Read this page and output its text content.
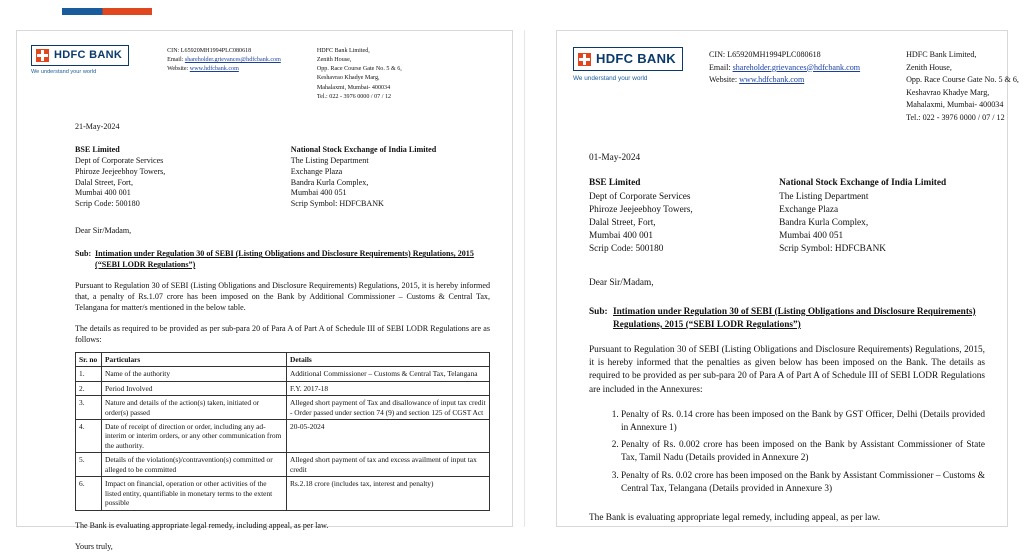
HDFC BANK
We understand your world
CIN: L65920MH1994PLC080618
Email: shareholder.grievances@hdfcbank.com
Website: www.hdfcbank.com
HDFC Bank Limited,
Zenith House,
Opp. Race Course Gate No. 5 & 6,
Keshavrao Khadye Marg,
Mahalaxmi, Mumbai- 400034
Tel.: 022 - 3976 0000 / 07 / 12
21-May-2024
BSE Limited	National Stock Exchange of India Limited

Dept of Corporate Services	The Listing Department

Phiroze Jeejeebhoy Towers,	Exchange Plaza

Dalal Street, Fort,	Bandra Kurla Complex,

Mumbai 400 001	Mumbai 400 051

Scrip Code: 500180	Scrip Symbol: HDFCBANK
Dear Sir/Madam,
Sub:	Intimation under Regulation 30 of SEBI (Listing Obligations and Disclosure Requirements) Regulations, 2015
(“SEBI LODR Regulations”)

Pursuant to Regulation 30 of SEBI (Listing Obligations and Disclosure Requirements) Regulations, 2015, it is hereby informed that, a penalty of Rs.1.07 crore has been imposed on the Bank by Additional Commissioner – Customs & Central Tax, Telangana for matter/s mentioned in the below table.

The details as required to be provided as per sub-para 20 of Para A of Part A of Schedule III of SEBI LODR Regulations are as follows:

Sr. no	Particulars	Details
1.	Name of the authority	Additional Commissioner – Customs & Central Tax, Telangana
2.	Period Involved	F.Y. 2017-18
3.	Nature and details of the action(s) taken, initiated or order(s) passed	Alleged short payment of Tax and disallowance of input tax credit - Order passed under section 74 (9) and section 125 of CGST Act
4.	Date of receipt of direction or order, including any ad-interim or interim orders, or any other communication from the authority.	20-05-2024
5.	Details of the violation(s)/contravention(s) committed or alleged to be committed	Alleged short payment of tax and excess availment of input tax credit
6.	Impact on financial, operation or other activities of the listed entity, quantifiable in monetary terms to the extent possible	Rs.2.18 crore (includes tax, interest and penalty)

The Bank is evaluating appropriate legal remedy, including appeal, as per law.

Yours truly,
HDFC BANK
We understand your world
CIN: L65920MH1994PLC080618
Email: shareholder.grievances@hdfcbank.com
Website: www.hdfcbank.com
HDFC Bank Limited,
Zenith House,
Opp. Race Course Gate No. 5 & 6,
Keshavrao Khadye Marg,
Mahalaxmi, Mumbai- 400034
Tel.: 022 - 3976 0000 / 07 / 12
01-May-2024
BSE Limited	National Stock Exchange of India Limited

Dept of Corporate Services	The Listing Department

Phiroze Jeejeebhoy Towers,	Exchange Plaza

Dalal Street, Fort,	Bandra Kurla Complex,

Mumbai 400 001	Mumbai 400 051

Scrip Code: 500180	Scrip Symbol: HDFCBANK
Dear Sir/Madam,
Sub:	Intimation under Regulation 30 of SEBI (Listing Obligations and Disclosure Requirements)
Regulations, 2015 (“SEBI LODR Regulations”)

Pursuant to Regulation 30 of SEBI (Listing Obligations and Disclosure Requirements) Regulations, 2015, it is hereby informed that the penalties as given below has been imposed on the Bank. The details as required to be provided as per sub-para 20 of Para A of Part A of Schedule III of SEBI LODR Regulations are included in the Annexures:

1. Penalty of Rs. 0.14 crore has been imposed on the Bank by GST Officer, Delhi (Details provided in Annexure 1)
2. Penalty of Rs. 0.002 crore has been imposed on the Bank by Assistant Commissioner of State Tax, Tamil Nadu (Details provided in Annexure 2)
3. Penalty of Rs. 0.02 crore has been imposed on the Bank by Assistant Commissioner – Customs & Central Tax, Telangana (Details provided in Annexure 3)

The Bank is evaluating appropriate legal remedy, including appeal, as per law.
